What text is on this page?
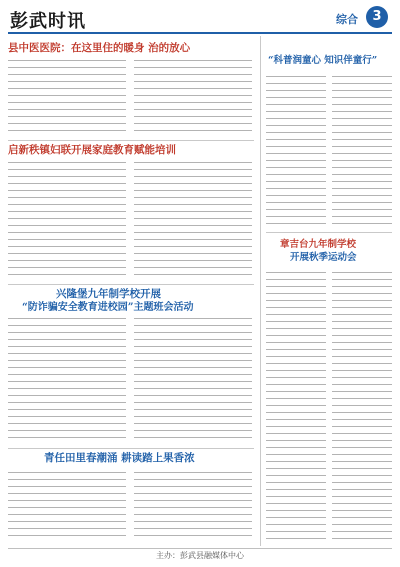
彭武时讯	综合	3
县中医医院：在这里住的暖身 治的放心
启新秩镇妇联开展家庭教育赋能培训
兴隆堡九年制学校开展
“防诈骗安全教育进校园”主题班会活动
青任田里春潮涌 耕读踏上果香浓
“科普润童心 知识伴童行”
章吉台九年制学校
开展秋季运动会
主办：彭武县融媒体中心
